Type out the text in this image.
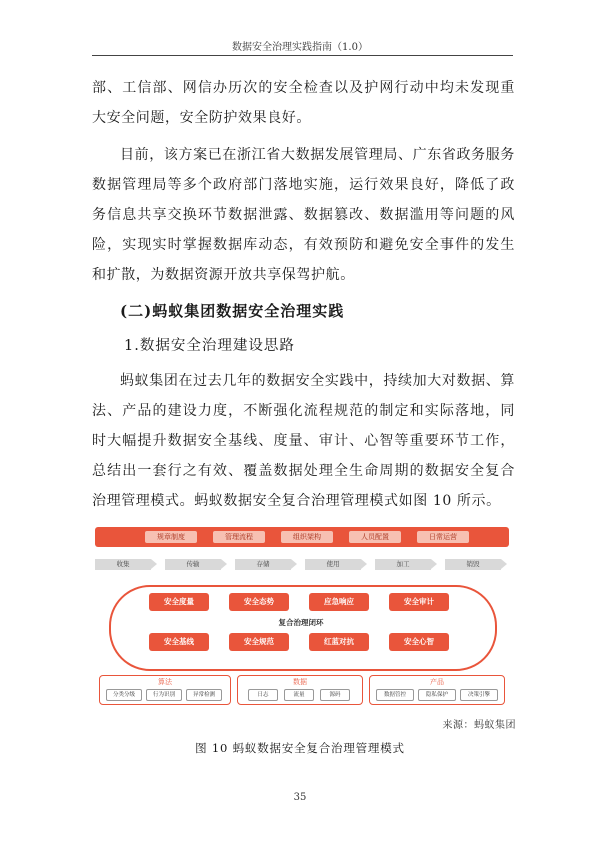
数据安全治理实践指南（1.0）
部、工信部、网信办历次的安全检查以及护网行动中均未发现重大安全问题，安全防护效果良好。
目前，该方案已在浙江省大数据发展管理局、广东省政务服务数据管理局等多个政府部门落地实施，运行效果良好，降低了政务信息共享交换环节数据泄露、数据篡改、数据滥用等问题的风险，实现实时掌握数据库动态，有效预防和避免安全事件的发生和扩散，为数据资源开放共享保驾护航。
(二)蚂蚁集团数据安全治理实践
1.数据安全治理建设思路
蚂蚁集团在过去几年的数据安全实践中，持续加大对数据、算法、产品的建设力度，不断强化流程规范的制定和实际落地，同时大幅提升数据安全基线、度量、审计、心智等重要环节工作，总结出一套行之有效、覆盖数据处理全生命周期的数据安全复合治理管理模式。蚂蚁数据安全复合治理管理模式如图 10 所示。
规章制度	管理流程	组织架构	人员配置	日常运营
收集	传输	存储	使用	加工	销毁
安全度量	安全态势	应急响应	安全审计
复合治理闭环
安全基线	安全规范	红蓝对抗	安全心智
算法
分类分级	行为识别	异常检测
数据
日志	流量	源码
产品
数据管控	隐私保护	决策引擎
来源：蚂蚁集团
图 10 蚂蚁数据安全复合治理管理模式
35
